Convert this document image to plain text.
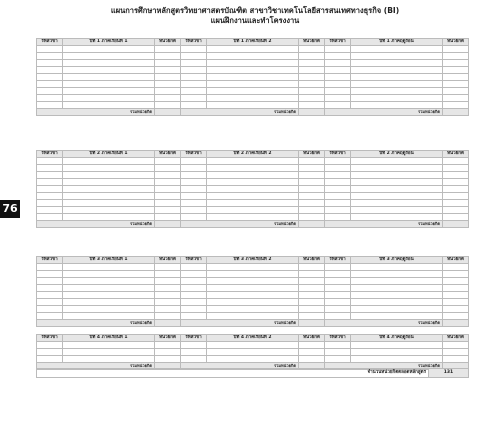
แผนการศึกษาหลักสูตรวิทยาศาสตรบัณฑิต สาขาวิชาเทคโนโลยีสารสนเทศทางธุรกิจ (BI)
แผนฝึกงานและทำโครงงาน
76
รหัสวิชา	ปีที่ 1 ภาคเรียนที่ 1	หน่วยกิต	รหัสวิชา	ปีที่ 1 ภาคเรียนที่ 2	หน่วยกิต	รหัสวิชา	ปีที่ 1 ภาคฤดูร้อน	หน่วยกิต

รวมหน่วยกิต			รวมหน่วยกิต			รวมหน่วยกิต		
รหัสวิชา	ปีที่ 2 ภาคเรียนที่ 1	หน่วยกิต	รหัสวิชา	ปีที่ 2 ภาคเรียนที่ 2	หน่วยกิต	รหัสวิชา	ปีที่ 2 ภาคฤดูร้อน	หน่วยกิต

รวมหน่วยกิต			รวมหน่วยกิต			รวมหน่วยกิต		
รหัสวิชา	ปีที่ 3 ภาคเรียนที่ 1	หน่วยกิต	รหัสวิชา	ปีที่ 3 ภาคเรียนที่ 2	หน่วยกิต	รหัสวิชา	ปีที่ 3 ภาคฤดูร้อน	หน่วยกิต

รวมหน่วยกิต			รวมหน่วยกิต			รวมหน่วยกิต		
รหัสวิชา	ปีที่ 4 ภาคเรียนที่ 1	หน่วยกิต	รหัสวิชา	ปีที่ 4 ภาคเรียนที่ 2	หน่วยกิต	รหัสวิชา	ปีที่ 4 ภาคฤดูร้อน	หน่วยกิต

รวมหน่วยกิต			รวมหน่วยกิต			รวมหน่วยกิต		
จำนวนหน่วยกิตตลอดหลักสูตร	131
